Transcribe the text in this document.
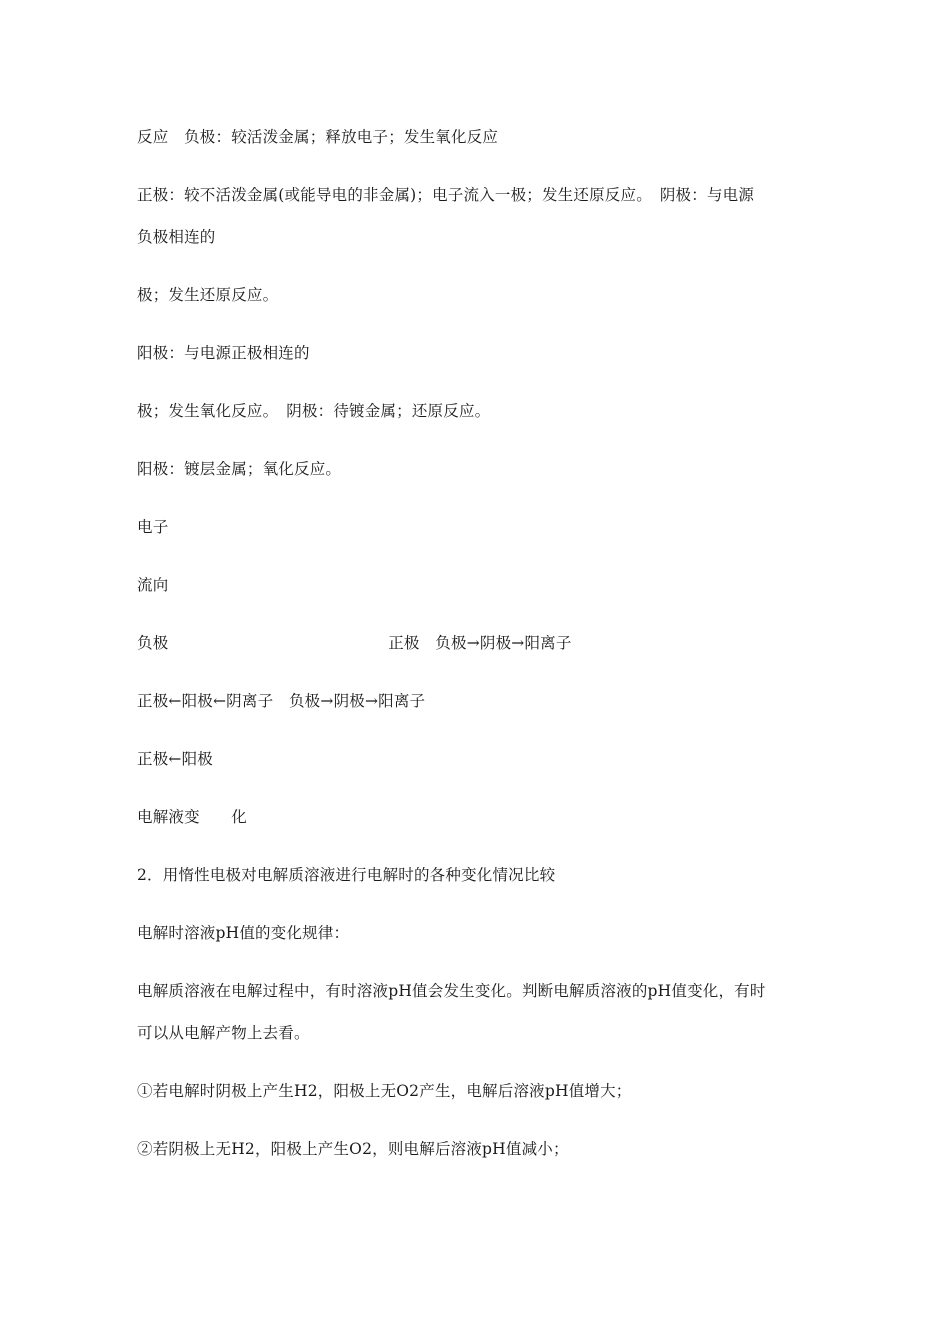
反应　负极：较活泼金属；释放电子；发生氧化反应
正极：较不活泼金属(或能导电的非金属)；电子流入一极；发生还原反应。　阴极：与电源
负极相连的
极；发生还原反应。
阳极：与电源正极相连的
极；发生氧化反应。　阴极：待镀金属；还原反应。
阳极：镀层金属；氧化反应。
电子
流向
负极　　　　　　　　　　　　　　正极　负极→阴极→阳离子
正极←阳极←阴离子　负极→阴极→阳离子
正极←阳极
电解液变　　化
2．用惰性电极对电解质溶液进行电解时的各种变化情况比较
电解时溶液pH值的变化规律：
电解质溶液在电解过程中，有时溶液pH值会发生变化。判断电解质溶液的pH值变化，有时
可以从电解产物上去看。
①若电解时阴极上产生H2，阳极上无O2产生，电解后溶液pH值增大；
②若阴极上无H2，阳极上产生O2，则电解后溶液pH值减小；
